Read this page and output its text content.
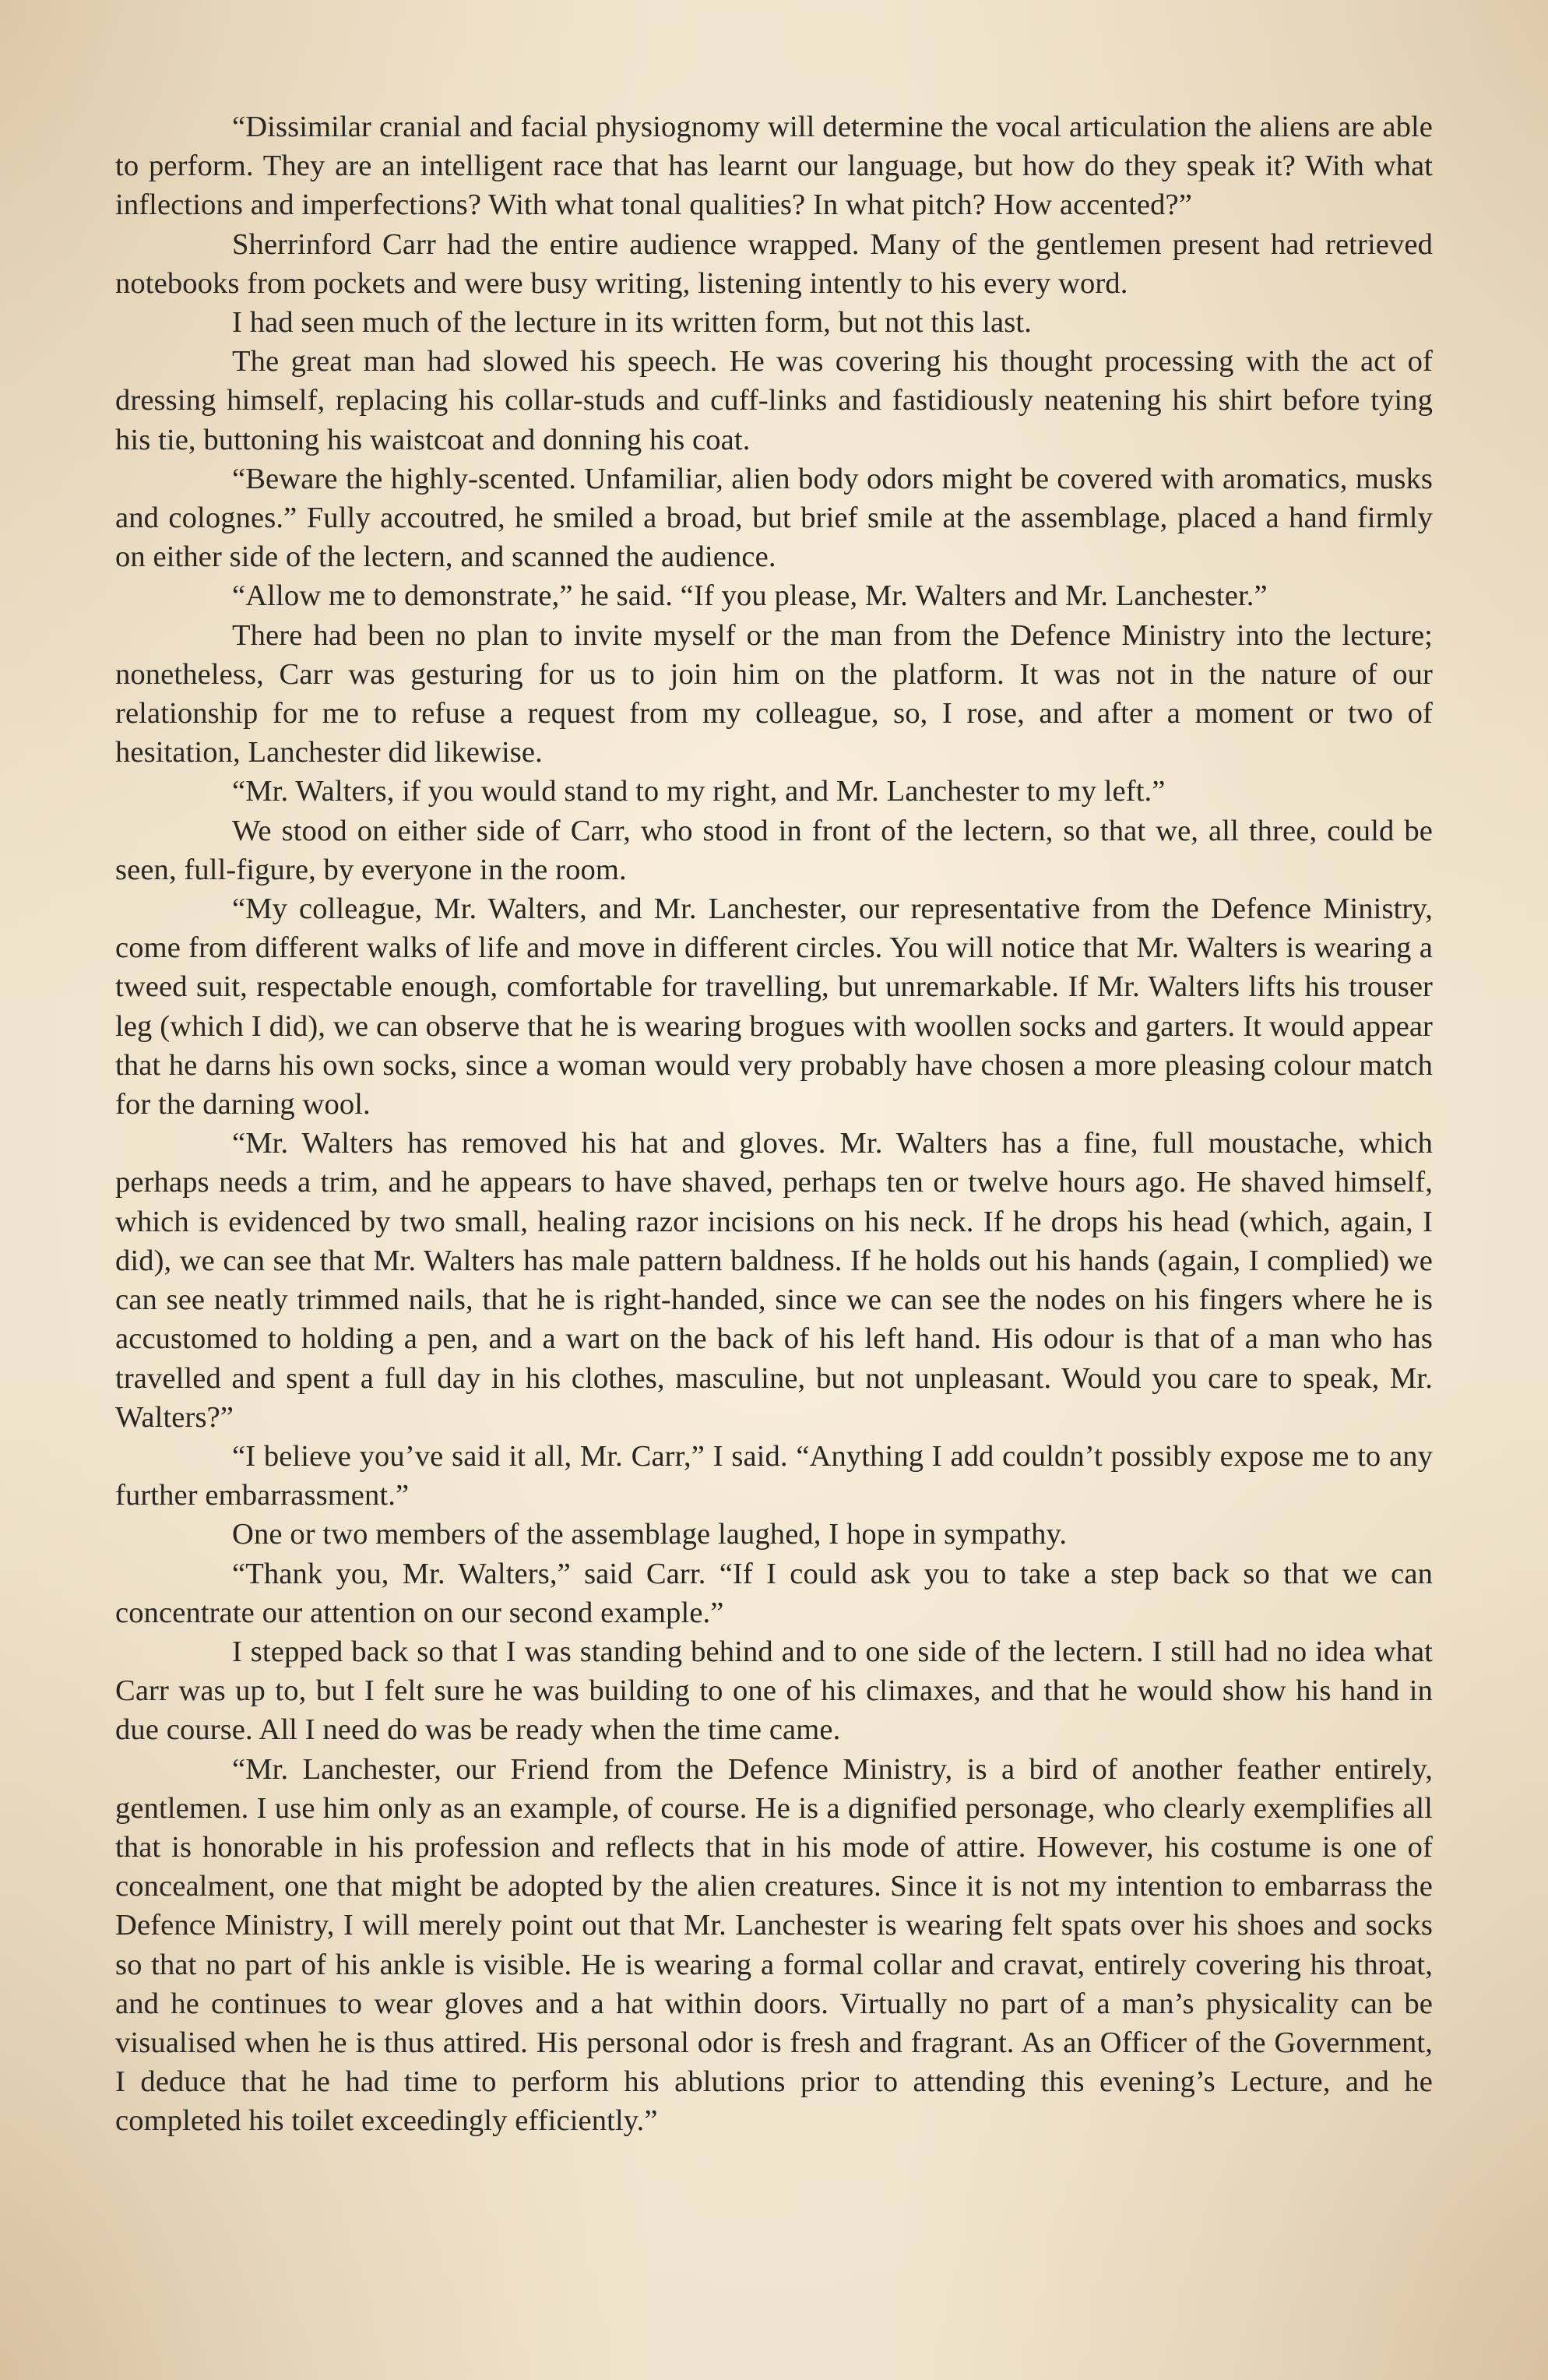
“Dissimilar cranial and facial physiognomy will determine the vocal articulation the aliens are able to perform. They are an intelligent race that has learnt our language, but how do they speak it? With what inflections and imperfections? With what tonal qualities? In what pitch? How accented?”

Sherrinford Carr had the entire audience wrapped. Many of the gentlemen present had retrieved notebooks from pockets and were busy writing, listening intently to his every word.

I had seen much of the lecture in its written form, but not this last.

The great man had slowed his speech. He was covering his thought processing with the act of dressing himself, replacing his collar-studs and cuff-links and fastidiously neatening his shirt before tying his tie, buttoning his waistcoat and donning his coat.

“Beware the highly-scented. Unfamiliar, alien body odors might be covered with aromatics, musks and colognes.” Fully accoutred, he smiled a broad, but brief smile at the assemblage, placed a hand firmly on either side of the lectern, and scanned the audience.

“Allow me to demonstrate,” he said. “If you please, Mr. Walters and Mr. Lanchester.”

There had been no plan to invite myself or the man from the Defence Ministry into the lecture; nonetheless, Carr was gesturing for us to join him on the platform. It was not in the nature of our relationship for me to refuse a request from my colleague, so, I rose, and after a moment or two of hesitation, Lanchester did likewise.

“Mr. Walters, if you would stand to my right, and Mr. Lanchester to my left.”

We stood on either side of Carr, who stood in front of the lectern, so that we, all three, could be seen, full-figure, by everyone in the room.

“My colleague, Mr. Walters, and Mr. Lanchester, our representative from the Defence Ministry, come from different walks of life and move in different circles. You will notice that Mr. Walters is wearing a tweed suit, respectable enough, comfortable for travelling, but unremarkable. If Mr. Walters lifts his trouser leg (which I did), we can observe that he is wearing brogues with woollen socks and garters. It would appear that he darns his own socks, since a woman would very probably have chosen a more pleasing colour match for the darning wool.

“Mr. Walters has removed his hat and gloves. Mr. Walters has a fine, full moustache, which perhaps needs a trim, and he appears to have shaved, perhaps ten or twelve hours ago. He shaved himself, which is evidenced by two small, healing razor incisions on his neck. If he drops his head (which, again, I did), we can see that Mr. Walters has male pattern baldness. If he holds out his hands (again, I complied) we can see neatly trimmed nails, that he is right-handed, since we can see the nodes on his fingers where he is accustomed to holding a pen, and a wart on the back of his left hand. His odour is that of a man who has travelled and spent a full day in his clothes, masculine, but not unpleasant. Would you care to speak, Mr. Walters?”

“I believe you’ve said it all, Mr. Carr,” I said. “Anything I add couldn’t possibly expose me to any further embarrassment.”

One or two members of the assemblage laughed, I hope in sympathy.

“Thank you, Mr. Walters,” said Carr. “If I could ask you to take a step back so that we can concentrate our attention on our second example.”

I stepped back so that I was standing behind and to one side of the lectern. I still had no idea what Carr was up to, but I felt sure he was building to one of his climaxes, and that he would show his hand in due course. All I need do was be ready when the time came.

“Mr. Lanchester, our Friend from the Defence Ministry, is a bird of another feather entirely, gentlemen. I use him only as an example, of course. He is a dignified personage, who clearly exemplifies all that is honorable in his profession and reflects that in his mode of attire. However, his costume is one of concealment, one that might be adopted by the alien creatures. Since it is not my intention to embarrass the Defence Ministry, I will merely point out that Mr. Lanchester is wearing felt spats over his shoes and socks so that no part of his ankle is visible. He is wearing a formal collar and cravat, entirely covering his throat, and he continues to wear gloves and a hat within doors. Virtually no part of a man’s physicality can be visualised when he is thus attired. His personal odor is fresh and fragrant. As an Officer of the Government, I deduce that he had time to perform his ablutions prior to attending this evening’s Lecture, and he completed his toilet exceedingly efficiently.”
